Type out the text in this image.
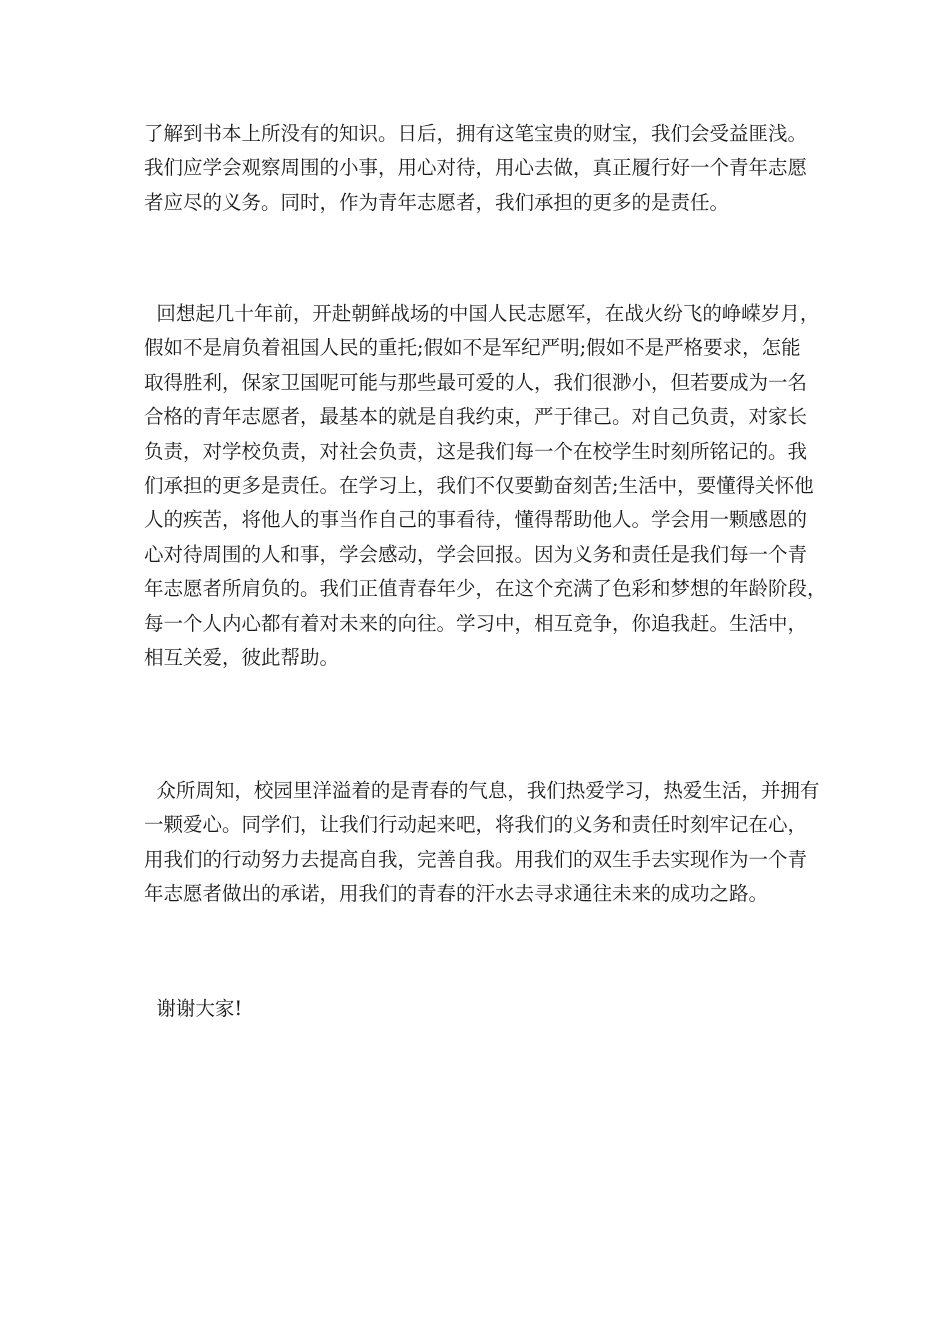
了解到书本上所没有的知识。日后，拥有这笔宝贵的财宝，我们会受益匪浅。
我们应学会观察周围的小事，用心对待，用心去做，真正履行好一个青年志愿
者应尽的义务。同时，作为青年志愿者，我们承担的更多的是责任。
回想起几十年前，开赴朝鲜战场的中国人民志愿军，在战火纷飞的峥嵘岁月，
假如不是肩负着祖国人民的重托;假如不是军纪严明;假如不是严格要求，怎能
取得胜利，保家卫国呢可能与那些最可爱的人，我们很渺小，但若要成为一名
合格的青年志愿者，最基本的就是自我约束，严于律己。对自己负责，对家长
负责，对学校负责，对社会负责，这是我们每一个在校学生时刻所铭记的。我
们承担的更多是责任。在学习上，我们不仅要勤奋刻苦;生活中，要懂得关怀他
人的疾苦，将他人的事当作自己的事看待，懂得帮助他人。学会用一颗感恩的
心对待周围的人和事，学会感动，学会回报。因为义务和责任是我们每一个青
年志愿者所肩负的。我们正值青春年少，在这个充满了色彩和梦想的年龄阶段，
每一个人内心都有着对未来的向往。学习中，相互竞争，你追我赶。生活中，
相互关爱，彼此帮助。
众所周知，校园里洋溢着的是青春的气息，我们热爱学习，热爱生活，并拥有
一颗爱心。同学们，让我们行动起来吧，将我们的义务和责任时刻牢记在心，
用我们的行动努力去提高自我，完善自我。用我们的双生手去实现作为一个青
年志愿者做出的承诺，用我们的青春的汗水去寻求通往未来的成功之路。
谢谢大家!
